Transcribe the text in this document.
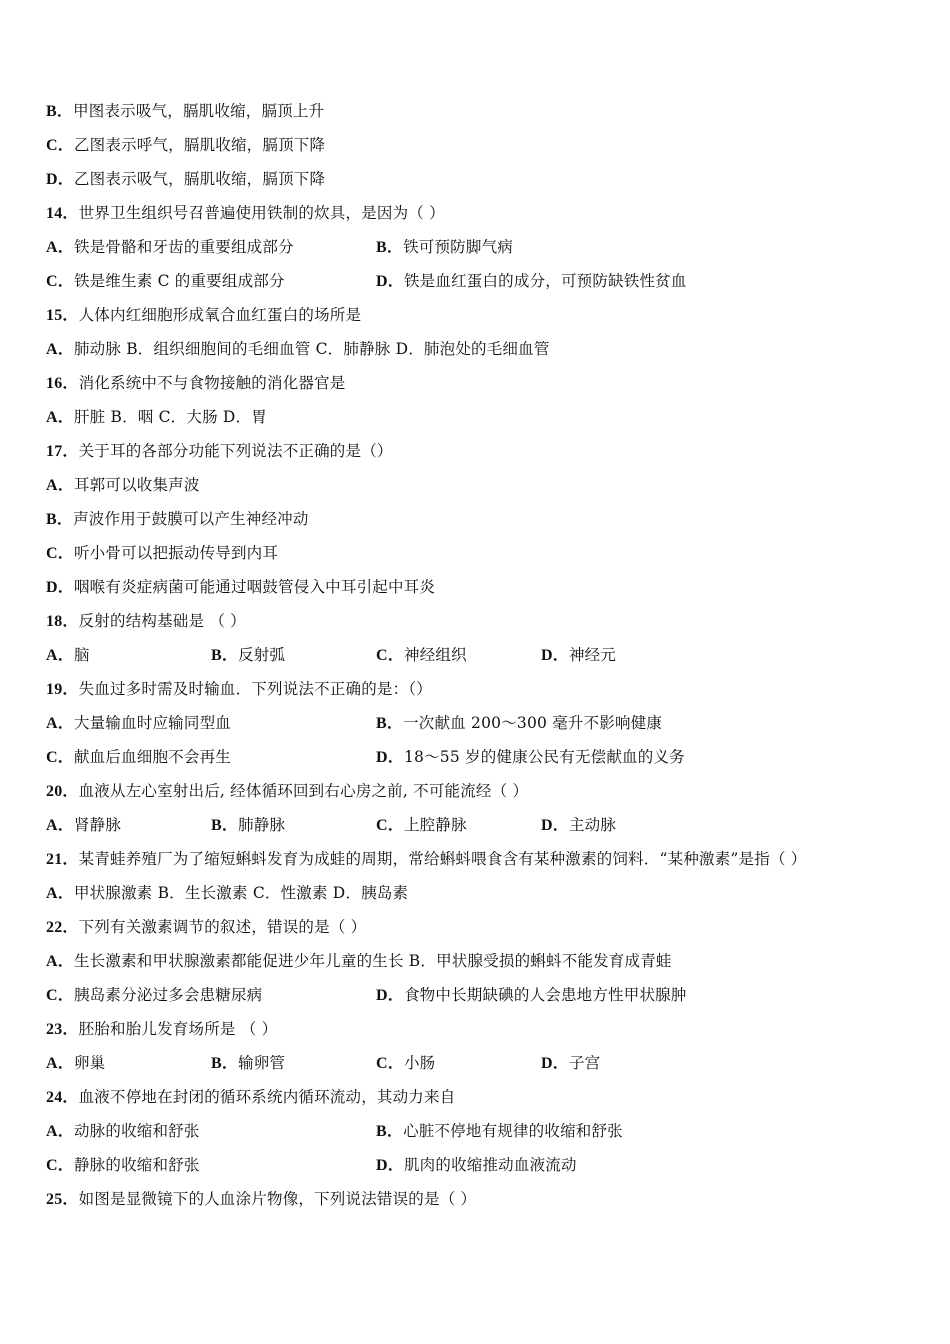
B．甲图表示吸气，膈肌收缩，膈顶上升
C．乙图表示呼气，膈肌收缩，膈顶下降
D．乙图表示吸气，膈肌收缩，膈顶下降
14．世界卫生组织号召普遍使用铁制的炊具，是因为（ ）
A．铁是骨骼和牙齿的重要组成部分	B．铁可预防脚气病
C．铁是维生素 C 的重要组成部分	D．铁是血红蛋白的成分，可预防缺铁性贫血
15．人体内红细胞形成氧合血红蛋白的场所是
A．肺动脉 B．组织细胞间的毛细血管 C．肺静脉 D．肺泡处的毛细血管
16．消化系统中不与食物接触的消化器官是
A．肝脏 B．咽 C．大肠 D．胃
17．关于耳的各部分功能下列说法不正确的是（）
A．耳郭可以收集声波
B．声波作用于鼓膜可以产生神经冲动
C．听小骨可以把振动传导到内耳
D．咽喉有炎症病菌可能通过咽鼓管侵入中耳引起中耳炎
18．反射的结构基础是 （ ）
A．脑	B．反射弧	C．神经组织	D．神经元
19．失血过多时需及时输血．下列说法不正确的是：（）
A．大量输血时应输同型血	B．一次献血 200～300 毫升不影响健康
C．献血后血细胞不会再生	D．18～55 岁的健康公民有无偿献血的义务
20．血液从左心室射出后, 经体循环回到右心房之前, 不可能流经（ ）
A．肾静脉	B．肺静脉	C．上腔静脉	D．主动脉
21．某青蛙养殖厂为了缩短蝌蚪发育为成蛙的周期，常给蝌蚪喂食含有某种激素的饲料．“某种激素”是指（ ）
A．甲状腺激素 B．生长激素 C．性激素 D．胰岛素
22．下列有关激素调节的叙述，错误的是（ ）
A．生长激素和甲状腺激素都能促进少年儿童的生长 B．甲状腺受损的蝌蚪不能发育成青蛙
C．胰岛素分泌过多会患糖尿病	D．食物中长期缺碘的人会患地方性甲状腺肿
23．胚胎和胎儿发育场所是 （ ）
A．卵巢	B．输卵管	C．小肠	D．子宫
24．血液不停地在封闭的循环系统内循环流动，其动力来自
A．动脉的收缩和舒张	B．心脏不停地有规律的收缩和舒张
C．静脉的收缩和舒张	D．肌肉的收缩推动血液流动
25．如图是显微镜下的人血涂片物像，下列说法错误的是（ ）
